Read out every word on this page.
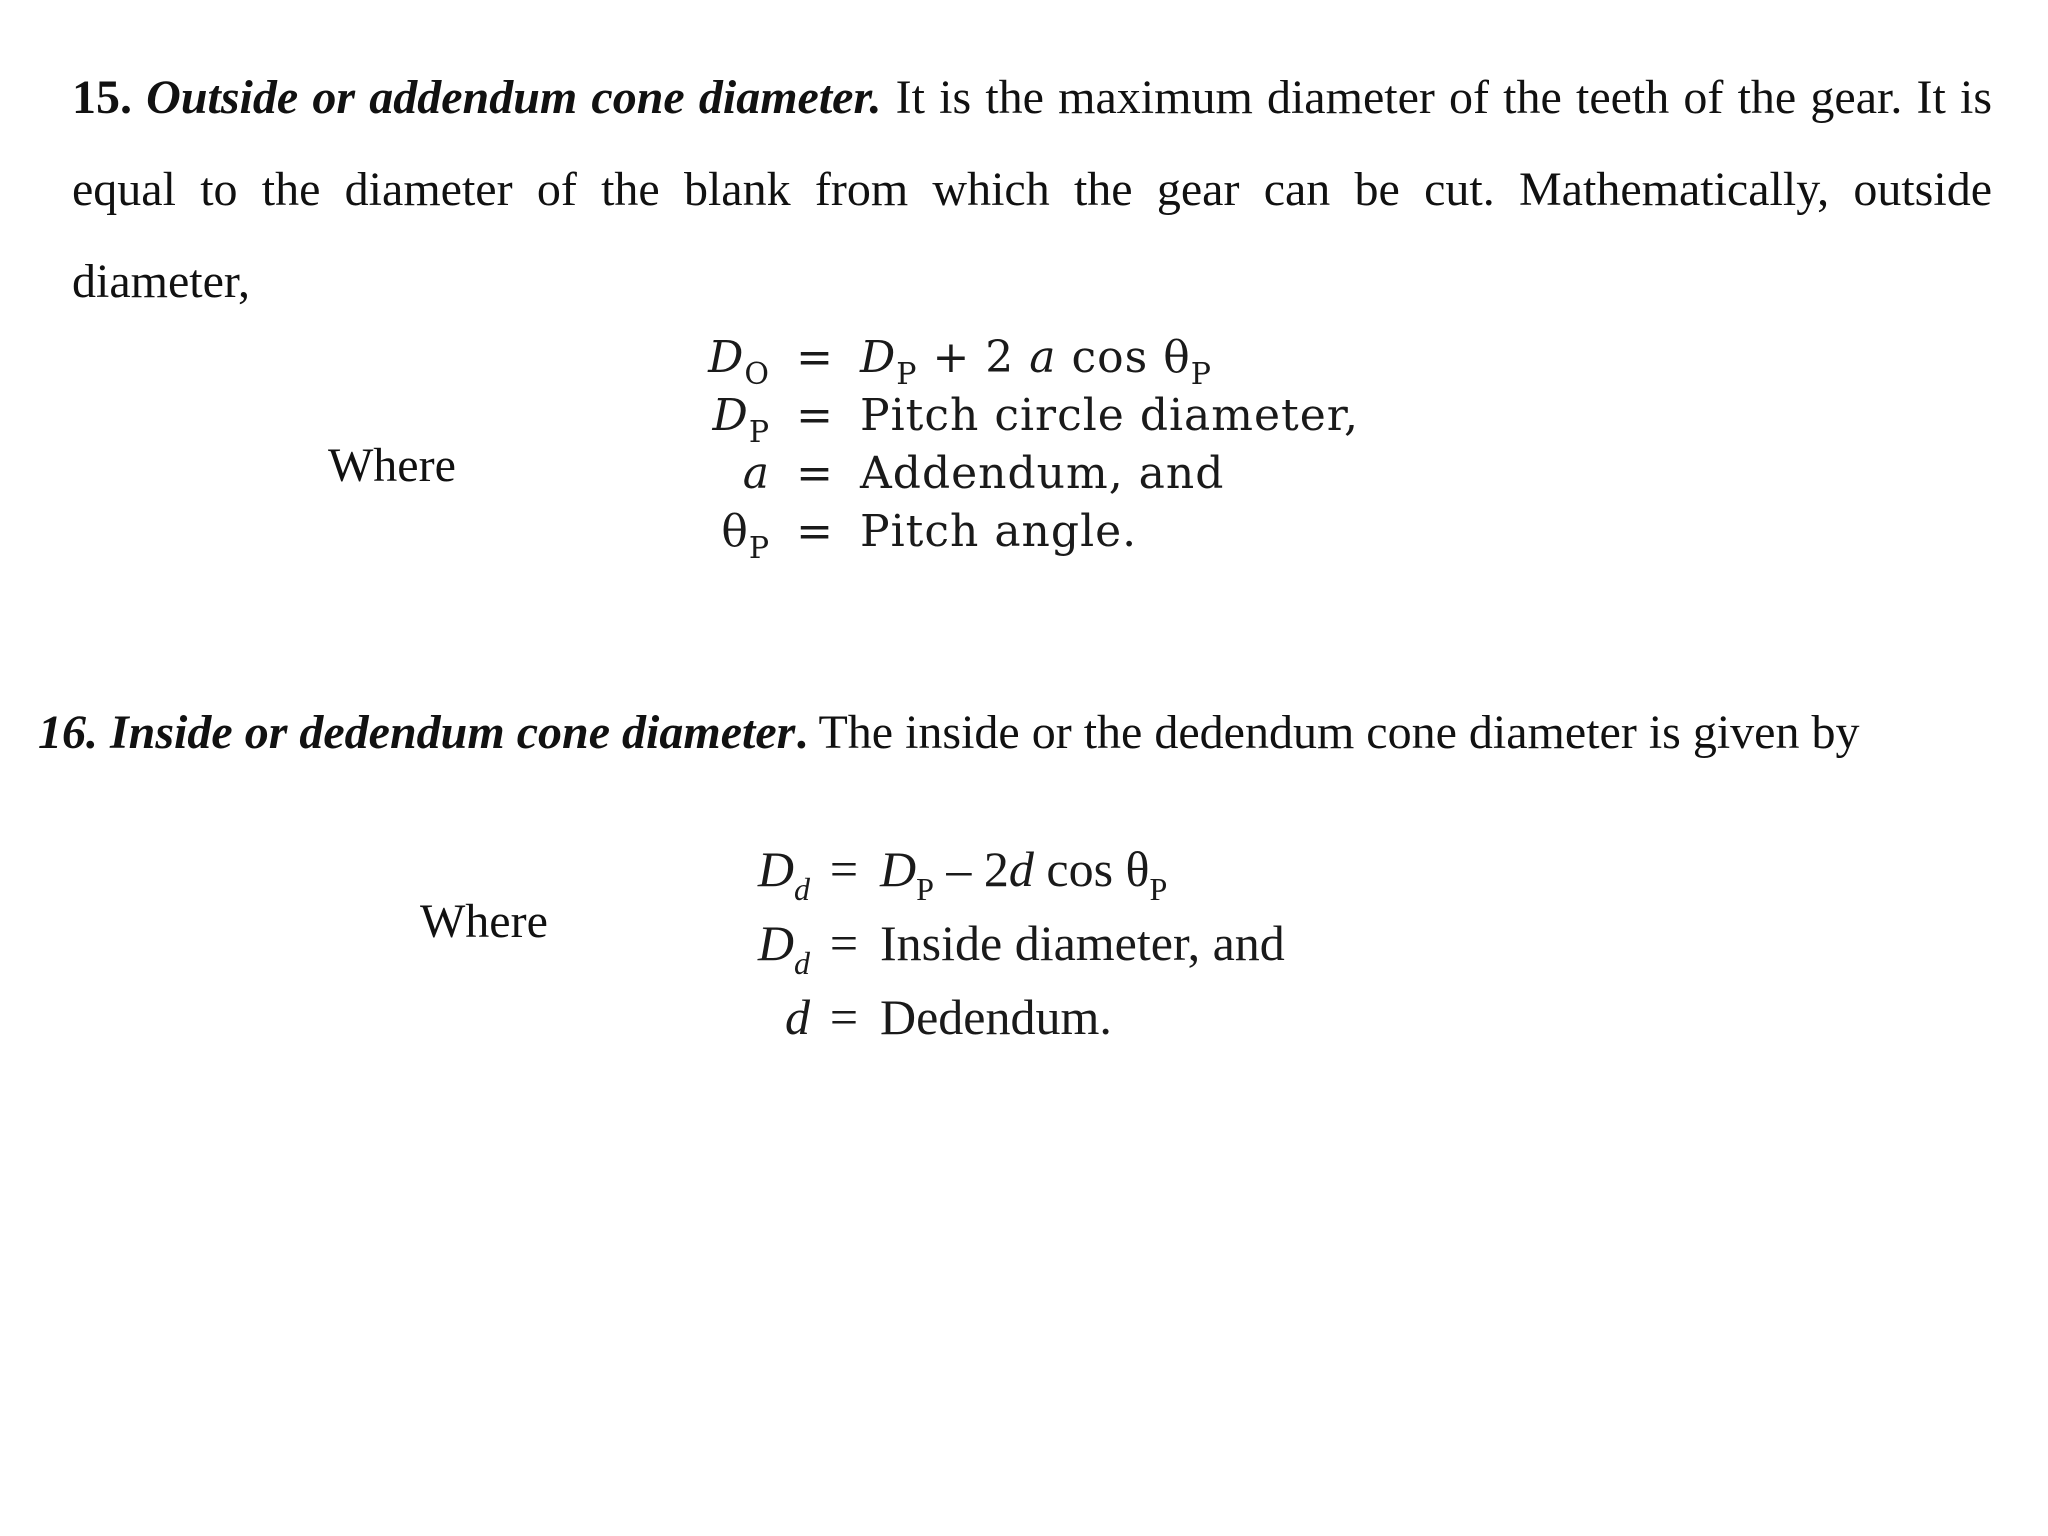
15. Outside or addendum cone diameter. It is the maximum diameter of the teeth of the gear. It is equal to the diameter of the blank from which the gear can be cut. Mathematically, outside diameter,
Where
$D_O = D_P + 2$ a $\cos \theta_P$
$D_P$ = Pitch circle diameter,
a = Addendum, and
$\theta_P$ = Pitch angle.
16. Inside or dedendum cone diameter. The inside or the dedendum cone diameter is given by
Where
$D_d = D_P - 2d$ $\cos \theta_P$
$D_d$ = Inside diameter, and
d = Dedendum.
